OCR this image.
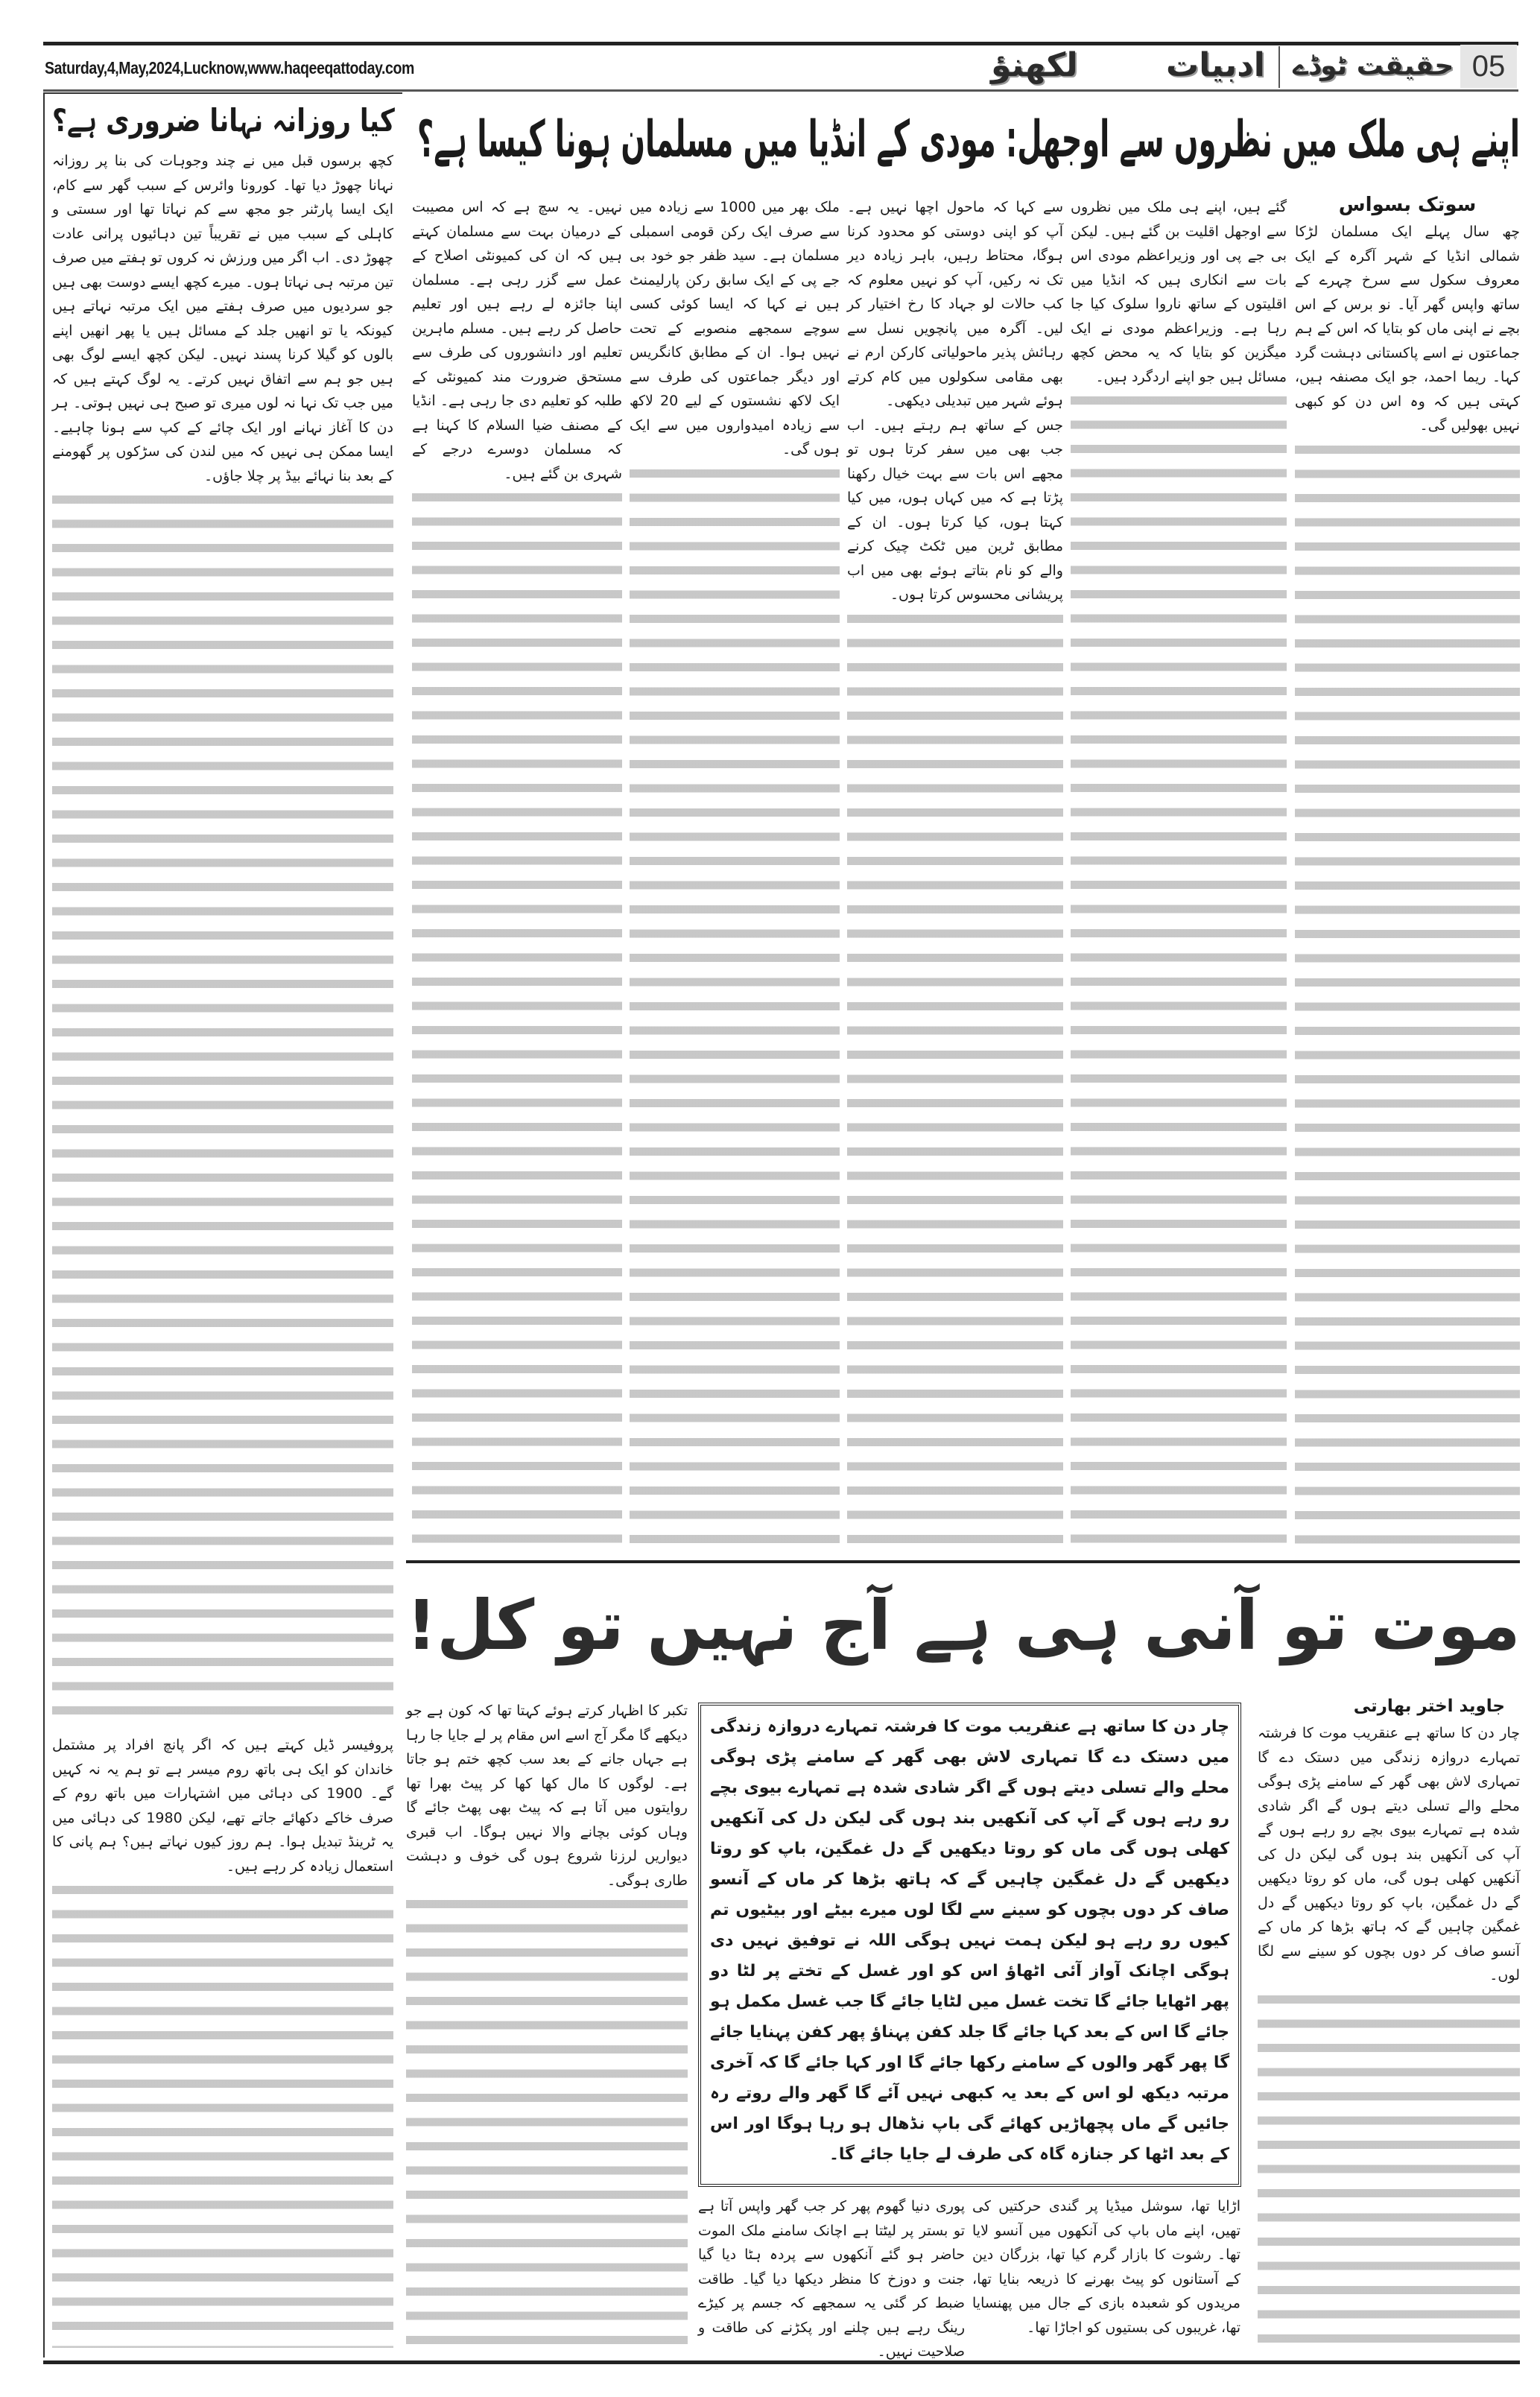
Saturday,4,May,2024,Lucknow,www.haqeeqattoday.com	لکھنؤ	ادبیات حقیقت ٹوڈے 05
کیا روزانہ نہانا ضروری ہے؟

کچھ برسوں قبل میں نے چند وجوہات کی بنا پر روزانہ نہانا چھوڑ دیا تھا۔ کورونا وائرس کے سبب گھر سے کام، ایک ایسا پارٹنر جو مجھ سے کم نہاتا تھا اور سستی و کاہلی کے سبب میں نے تقریباً تین دہائیوں پرانی عادت چھوڑ دی۔ اب اگر میں ورزش نہ کروں تو ہفتے میں صرف تین مرتبہ ہی نہاتا ہوں۔ میرے کچھ ایسے دوست بھی ہیں جو سردیوں میں صرف ہفتے میں ایک مرتبہ نہاتے ہیں کیونکہ یا تو انھیں جلد کے مسائل ہیں یا پھر انھیں اپنے بالوں کو گیلا کرنا پسند نہیں۔ لیکن کچھ ایسے لوگ بھی ہیں جو ہم سے اتفاق نہیں کرتے۔ یہ لوگ کہتے ہیں کہ میں جب تک نہا نہ لوں میری تو صبح ہی نہیں ہوتی۔ ہر دن کا آغاز نہانے اور ایک چائے کے کپ سے ہونا چاہیے۔ ایسا ممکن ہی نہیں کہ میں لندن کی سڑکوں پر گھومنے کے بعد بنا نہائے بیڈ پر چلا جاؤں۔

پروفیسر ڈیل کہتے ہیں کہ اگر پانچ افراد پر مشتمل خاندان کو ایک ہی باتھ روم میسر ہے تو ہم یہ نہ کہیں گے۔ 1900 کی دہائی میں اشتہارات میں باتھ روم کے صرف خاکے دکھائے جاتے تھے، لیکن 1980 کی دہائی میں یہ ٹرینڈ تبدیل ہوا۔ ہم روز کیوں نہاتے ہیں؟ ہم پانی کا استعمال زیادہ کر رہے ہیں۔

اپنے ہی ملک میں نظروں سے اوجھل: مودی کے انڈیا میں مسلمان ہونا کیسا ہے؟
سوتک بسواس

چھ سال پہلے ایک مسلمان لڑکا شمالی انڈیا کے شہر آگرہ کے ایک معروف سکول سے سرخ چہرے کے ساتھ واپس گھر آیا۔ نو برس کے اس بچے نے اپنی ماں کو بتایا کہ اس کے ہم جماعتوں نے اسے پاکستانی دہشت گرد کہا۔ ریما احمد، جو ایک مصنفہ ہیں، کہتی ہیں کہ وہ اس دن کو کبھی نہیں بھولیں گی۔

گئے ہیں، اپنے ہی ملک میں نظروں سے اوجھل اقلیت بن گئے ہیں۔ لیکن بی جے پی اور وزیراعظم مودی اس بات سے انکاری ہیں کہ انڈیا میں اقلیتوں کے ساتھ ناروا سلوک کیا جا رہا ہے۔ وزیراعظم مودی نے ایک میگزین کو بتایا کہ یہ محض کچھ مسائل ہیں جو اپنے اردگرد ہیں۔

سے کہا کہ ماحول اچھا نہیں ہے۔ آپ کو اپنی دوستی کو محدود کرنا ہوگا، محتاط رہیں، باہر زیادہ دیر تک نہ رکیں، آپ کو نہیں معلوم کہ کب حالات لو جہاد کا رخ اختیار کر لیں۔ آگرہ میں پانچویں نسل سے رہائش پذیر ماحولیاتی کارکن ارم نے بھی مقامی سکولوں میں کام کرتے ہوئے شہر میں تبدیلی دیکھی۔

جس کے ساتھ ہم رہتے ہیں۔ اب جب بھی میں سفر کرتا ہوں تو مجھے اس بات سے بہت خیال رکھنا پڑتا ہے کہ میں کہاں ہوں، میں کیا کہتا ہوں، کیا کرتا ہوں۔ ان کے مطابق ٹرین میں ٹکٹ چیک کرنے والے کو نام بتاتے ہوئے بھی میں اب پریشانی محسوس کرتا ہوں۔

ملک بھر میں 1000 سے زیادہ میں سے صرف ایک رکن قومی اسمبلی مسلمان ہے۔ سید ظفر جو خود بی جے پی کے ایک سابق رکن پارلیمنٹ ہیں نے کہا کہ ایسا کوئی کسی سوچے سمجھے منصوبے کے تحت نہیں ہوا۔ ان کے مطابق کانگریس اور دیگر جماعتوں کی طرف سے ایک لاکھ نشستوں کے لیے 20 لاکھ سے زیادہ امیدواروں میں سے ایک ہوں گی۔

نہیں۔ یہ سچ ہے کہ اس مصیبت کے درمیان بہت سے مسلمان کہتے ہیں کہ ان کی کمیونٹی اصلاح کے عمل سے گزر رہی ہے۔ مسلمان اپنا جائزہ لے رہے ہیں اور تعلیم حاصل کر رہے ہیں۔ مسلم ماہرین تعلیم اور دانشوروں کی طرف سے مستحق ضرورت مند کمیونٹی کے طلبہ کو تعلیم دی جا رہی ہے۔ انڈیا کے مصنف ضیا السلام کا کہنا ہے کہ مسلمان دوسرے درجے کے شہری بن گئے ہیں۔

موت تو آنی ہی ہے آج نہیں تو کل!
جاوید اختر بھارتی

چار دن کا ساتھ ہے عنقریب موت کا فرشتہ تمہارے دروازہ زندگی میں دستک دے گا تمہاری لاش بھی گھر کے سامنے پڑی ہوگی محلے والے تسلی دیتے ہوں گے اگر شادی شدہ ہے تمہارے بیوی بچے رو رہے ہوں گے آپ کی آنکھیں بند ہوں گی لیکن دل کی آنکھیں کھلی ہوں گی، ماں کو روتا دیکھیں گے دل غمگین، باپ کو روتا دیکھیں گے دل غمگین چاہیں گے کہ ہاتھ بڑھا کر ماں کے آنسو صاف کر دوں بچوں کو سینے سے لگا لوں۔

چار دن کا ساتھ ہے عنقریب موت کا فرشتہ تمہارے دروازہ زندگی میں دستک دے گا تمہاری لاش بھی گھر کے سامنے پڑی ہوگی محلے والے تسلی دیتے ہوں گے اگر شادی شدہ ہے تمہارے بیوی بچے رو رہے ہوں گے آپ کی آنکھیں بند ہوں گی لیکن دل کی آنکھیں کھلی ہوں گی ماں کو روتا دیکھیں گے دل غمگین، باپ کو روتا دیکھیں گے دل غمگین چاہیں گے کہ ہاتھ بڑھا کر ماں کے آنسو صاف کر دوں بچوں کو سینے سے لگا لوں میرے بیٹے اور بیٹیوں تم کیوں رو رہے ہو لیکن ہمت نہیں ہوگی اللہ نے توفیق نہیں دی ہوگی اچانک آواز آئی اٹھاؤ اس کو اور غسل کے تختے پر لٹا دو پھر اٹھایا جائے گا تخت غسل میں لٹایا جائے گا جب غسل مکمل ہو جائے گا اس کے بعد کہا جائے گا جلد کفن پہناؤ پھر کفن پہنایا جائے گا پھر گھر والوں کے سامنے رکھا جائے گا اور کہا جائے گا کہ آخری مرتبہ دیکھ لو اس کے بعد یہ کبھی نہیں آئے گا گھر والے روتے رہ جائیں گے ماں پچھاڑیں کھائے گی باپ نڈھال ہو رہا ہوگا اور اس کے بعد اٹھا کر جنازہ گاہ کی طرف لے جایا جائے گا۔

تکبر کا اظہار کرتے ہوئے کہتا تھا کہ کون ہے جو دیکھے گا مگر آج اسے اس مقام پر لے جایا جا رہا ہے جہاں جانے کے بعد سب کچھ ختم ہو جاتا ہے۔ لوگوں کا مال کھا کھا کر پیٹ بھرا تھا روایتوں میں آتا ہے کہ پیٹ بھی پھٹ جائے گا وہاں کوئی بچانے والا نہیں ہوگا۔ اب قبری دیواریں لرزنا شروع ہوں گی خوف و دہشت طاری ہوگی۔

اڑایا تھا، سوشل میڈیا پر گندی حرکتیں کی تھیں، اپنے ماں باپ کی آنکھوں میں آنسو لایا تھا۔ رشوت کا بازار گرم کیا تھا، بزرگان دین کے آستانوں کو پیٹ بھرنے کا ذریعہ بنایا تھا، مریدوں کو شعبدہ بازی کے جال میں پھنسایا تھا، غریبوں کی بستیوں کو اجاڑا تھا۔

پوری دنیا گھوم پھر کر جب گھر واپس آتا ہے تو بستر پر لیٹتا ہے اچانک سامنے ملک الموت حاضر ہو گئے آنکھوں سے پردہ ہٹا دیا گیا جنت و دوزخ کا منظر دیکھا دیا گیا۔ طاقت ضبط کر گئی یہ سمجھے کہ جسم پر کیڑے رینگ رہے ہیں چلنے اور پکڑنے کی طاقت و صلاحیت نہیں۔
